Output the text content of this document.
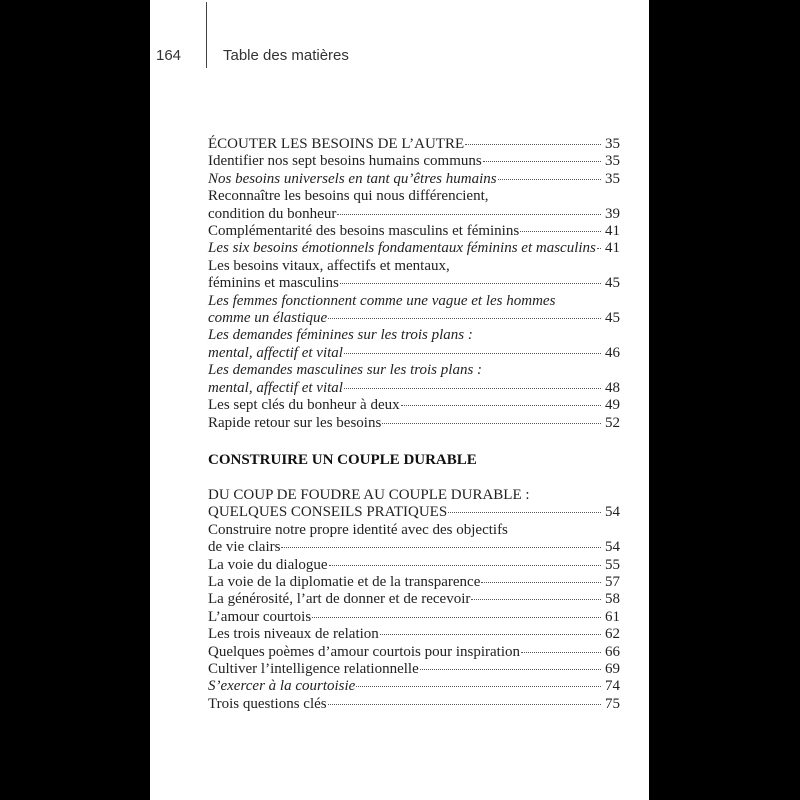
164	Table des matières
ÉCOUTER LES BESOINS DE L’AUTRE	35
Identifier nos sept besoins humains communs	35
Nos besoins universels en tant qu’êtres humains	35
Reconnaître les besoins qui nous différencient,
condition du bonheur	39
Complémentarité des besoins masculins et féminins	41
Les six besoins émotionnels fondamentaux féminins et masculins 41
Les besoins vitaux, affectifs et mentaux,
féminins et masculins	45
Les femmes fonctionnent comme une vague et les hommes
comme un élastique	45
Les demandes féminines sur les trois plans :
mental, affectif et vital	46
Les demandes masculines sur les trois plans :
mental, affectif et vital	48
Les sept clés du bonheur à deux	49
Rapide retour sur les besoins	52
CONSTRUIRE UN COUPLE DURABLE
DU COUP DE FOUDRE AU COUPLE DURABLE :
QUELQUES CONSEILS PRATIQUES	54
Construire notre propre identité avec des objectifs
de vie clairs	54
La voie du dialogue	55
La voie de la diplomatie et de la transparence	57
La générosité, l’art de donner et de recevoir	58
L’amour courtois	61
Les trois niveaux de relation	62
Quelques poèmes d’amour courtois pour inspiration	66
Cultiver l’intelligence relationnelle	69
S’exercer à la courtoisie	74
Trois questions clés	75
